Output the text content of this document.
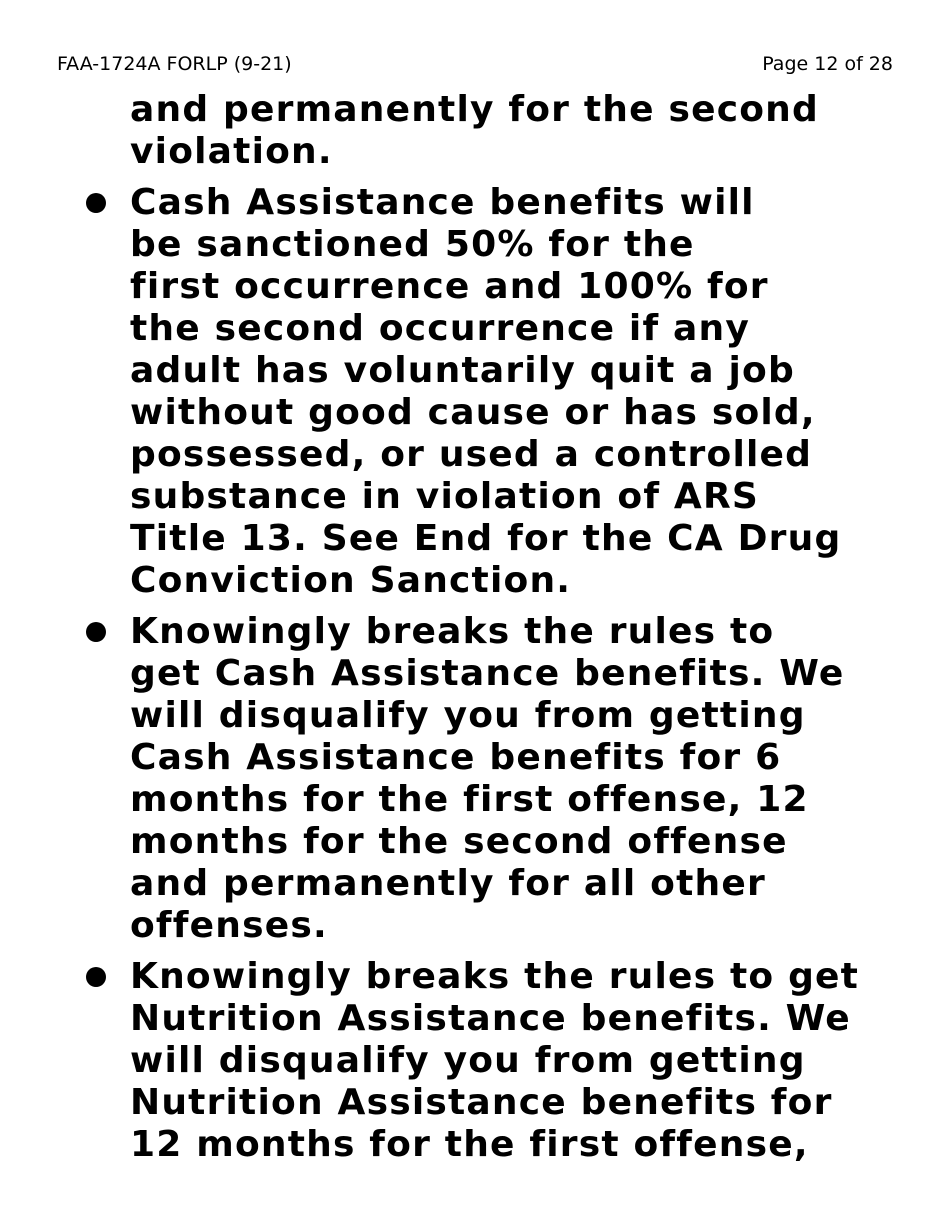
FAA-1724A FORLP (9-21)	Page 12 of 28

and permanently for the second
violation.

Cash Assistance benefits will
be sanctioned 50% for the
first occurrence and 100% for
the second occurrence if any
adult has voluntarily quit a job
without good cause or has sold,
possessed, or used a controlled
substance in violation of ARS
Title 13. See End for the CA Drug
Conviction Sanction.
Knowingly breaks the rules to
get Cash Assistance benefits. We
will disqualify you from getting
Cash Assistance benefits for 6
months for the first offense, 12
months for the second offense
and permanently for all other
offenses.
Knowingly breaks the rules to get
Nutrition Assistance benefits. We
will disqualify you from getting
Nutrition Assistance benefits for
12 months for the first offense,
